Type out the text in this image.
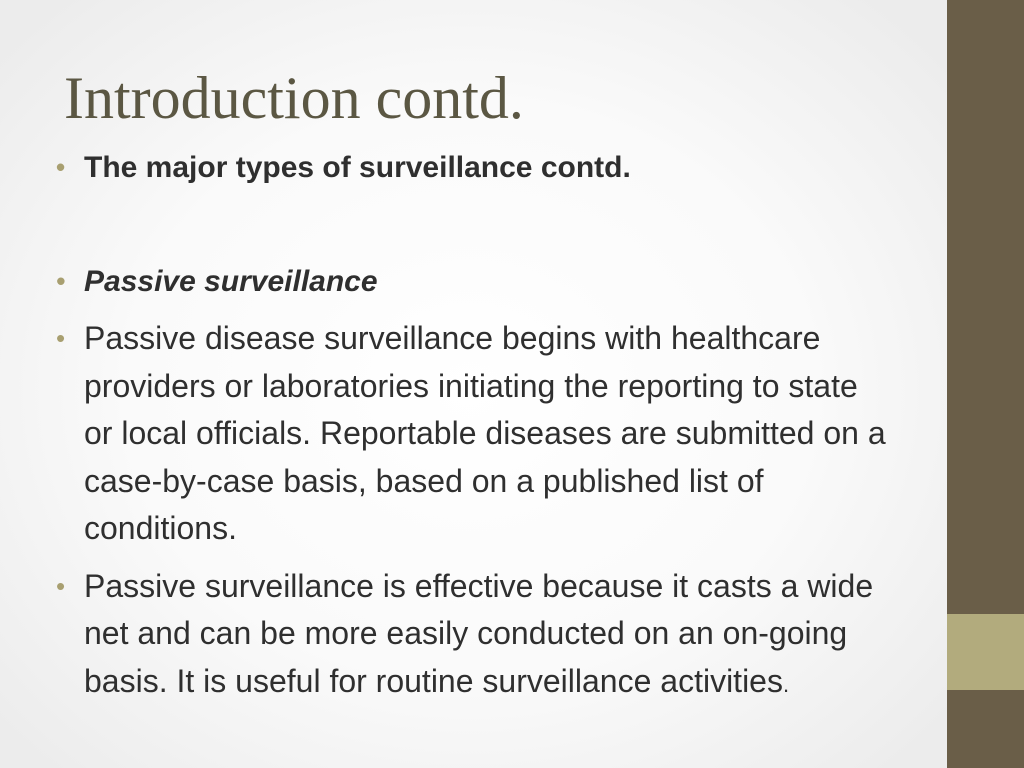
Introduction contd.
• The major types of surveillance contd.
• Passive surveillance
• Passive disease surveillance begins with healthcare providers or laboratories initiating the reporting to state or local officials. Reportable diseases are submitted on a case-by-case basis, based on a published list of conditions.
• Passive surveillance is effective because it casts a wide net and can be more easily conducted on an on-going basis. It is useful for routine surveillance activities.
